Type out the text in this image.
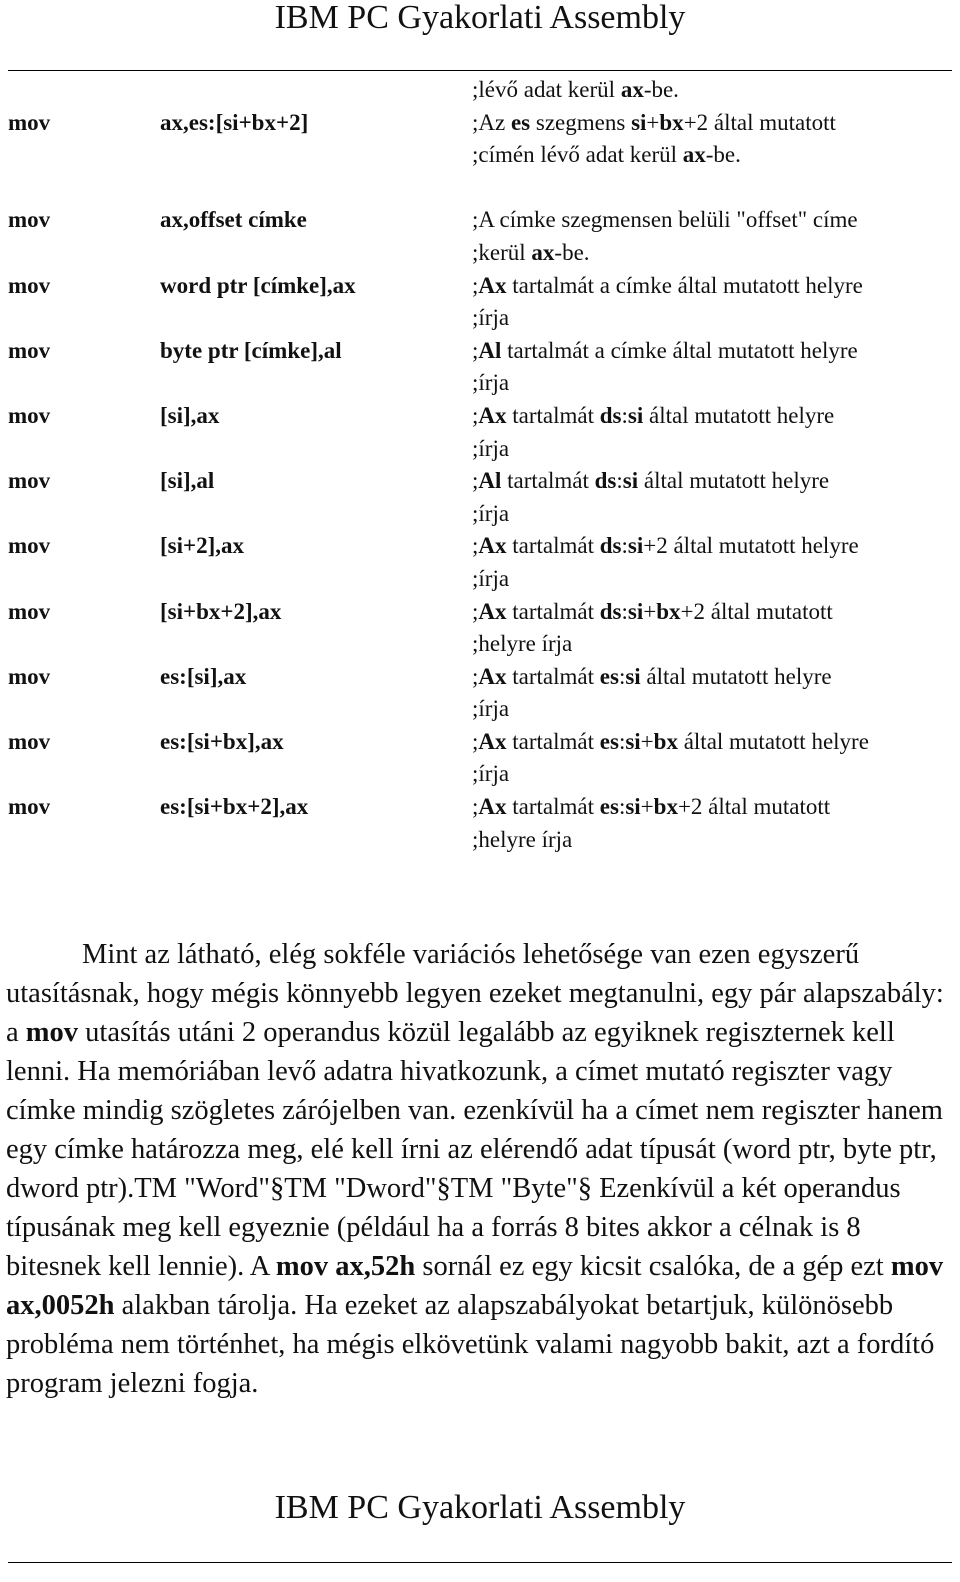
IBM PC Gyakorlati Assembly
;lévő adat kerül ax-be.
mov	ax,es:[si+bx+2]	;Az es szegmens si+bx+2 által mutatott
;címén lévő adat kerül ax-be.
mov	ax,offset címke	;A címke szegmensen belüli "offset" címe
;kerül ax-be.
mov	word ptr [címke],ax	;Ax tartalmát a címke által mutatott helyre
;írja
mov	byte ptr [címke],al	;Al tartalmát a címke által mutatott helyre
;írja
mov	[si],ax	;Ax tartalmát ds:si által mutatott helyre
;írja
mov	[si],al	;Al tartalmát ds:si által mutatott helyre
;írja
mov	[si+2],ax	;Ax tartalmát ds:si+2 által mutatott helyre
;írja
mov	[si+bx+2],ax	;Ax tartalmát ds:si+bx+2 által mutatott
;helyre írja
mov	es:[si],ax	;Ax tartalmát es:si által mutatott helyre
;írja
mov	es:[si+bx],ax	;Ax tartalmát es:si+bx által mutatott helyre
;írja
mov	es:[si+bx+2],ax	;Ax tartalmát es:si+bx+2 által mutatott
;helyre írja

Mint az látható, elég sokféle variációs lehetősége van ezen egyszerű utasításnak, hogy mégis könnyebb legyen ezeket megtanulni, egy pár alapszabály: a mov utasítás utáni 2 operandus közül legalább az egyiknek regiszternek kell lenni. Ha memóriában levő adatra hivatkozunk, a címet mutató regiszter vagy címke mindig szögletes zárójelben van. ezenkívül ha a címet nem regiszter hanem egy címke határozza meg, elé kell írni az elérendő adat típusát (word ptr, byte ptr, dword ptr).TM "Word"§TM "Dword"§TM "Byte"§ Ezenkívül a két operandus típusának meg kell egyeznie (például ha a forrás 8 bites akkor a célnak is 8 bitesnek kell lennie). A mov ax,52h sornál ez egy kicsit csalóka, de a gép ezt mov ax,0052h alakban tárolja. Ha ezeket az alapszabályokat betartjuk, különösebb probléma nem történhet, ha mégis elkövetünk valami nagyobb bakit, azt a fordító program jelezni fogja.

IBM PC Gyakorlati Assembly
